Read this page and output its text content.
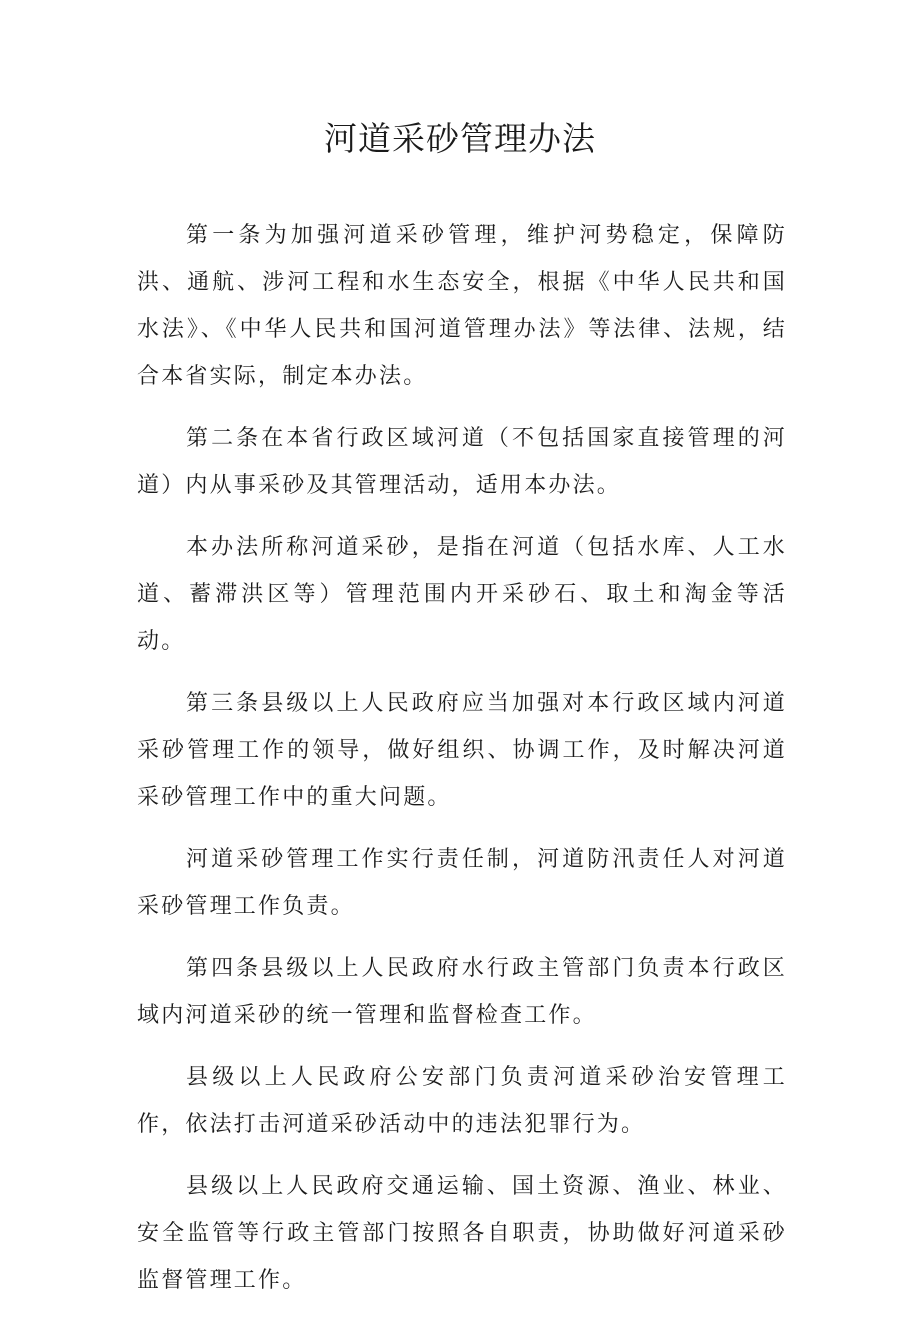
河道采砂管理办法

第一条为加强河道采砂管理，维护河势稳定，保障防洪、通航、涉河工程和水生态安全，根据《中华人民共和国水法》、《中华人民共和国河道管理办法》等法律、法规，结合本省实际，制定本办法。

第二条在本省行政区域河道（不包括国家直接管理的河道）内从事采砂及其管理活动，适用本办法。

本办法所称河道采砂，是指在河道（包括水库、人工水道、蓄滞洪区等）管理范围内开采砂石、取土和淘金等活动。

第三条县级以上人民政府应当加强对本行政区域内河道采砂管理工作的领导，做好组织、协调工作，及时解决河道采砂管理工作中的重大问题。

河道采砂管理工作实行责任制，河道防汛责任人对河道采砂管理工作负责。

第四条县级以上人民政府水行政主管部门负责本行政区域内河道采砂的统一管理和监督检查工作。

县级以上人民政府公安部门负责河道采砂治安管理工作，依法打击河道采砂活动中的违法犯罪行为。

县级以上人民政府交通运输、国土资源、渔业、林业、安全监管等行政主管部门按照各自职责，协助做好河道采砂监督管理工作。
